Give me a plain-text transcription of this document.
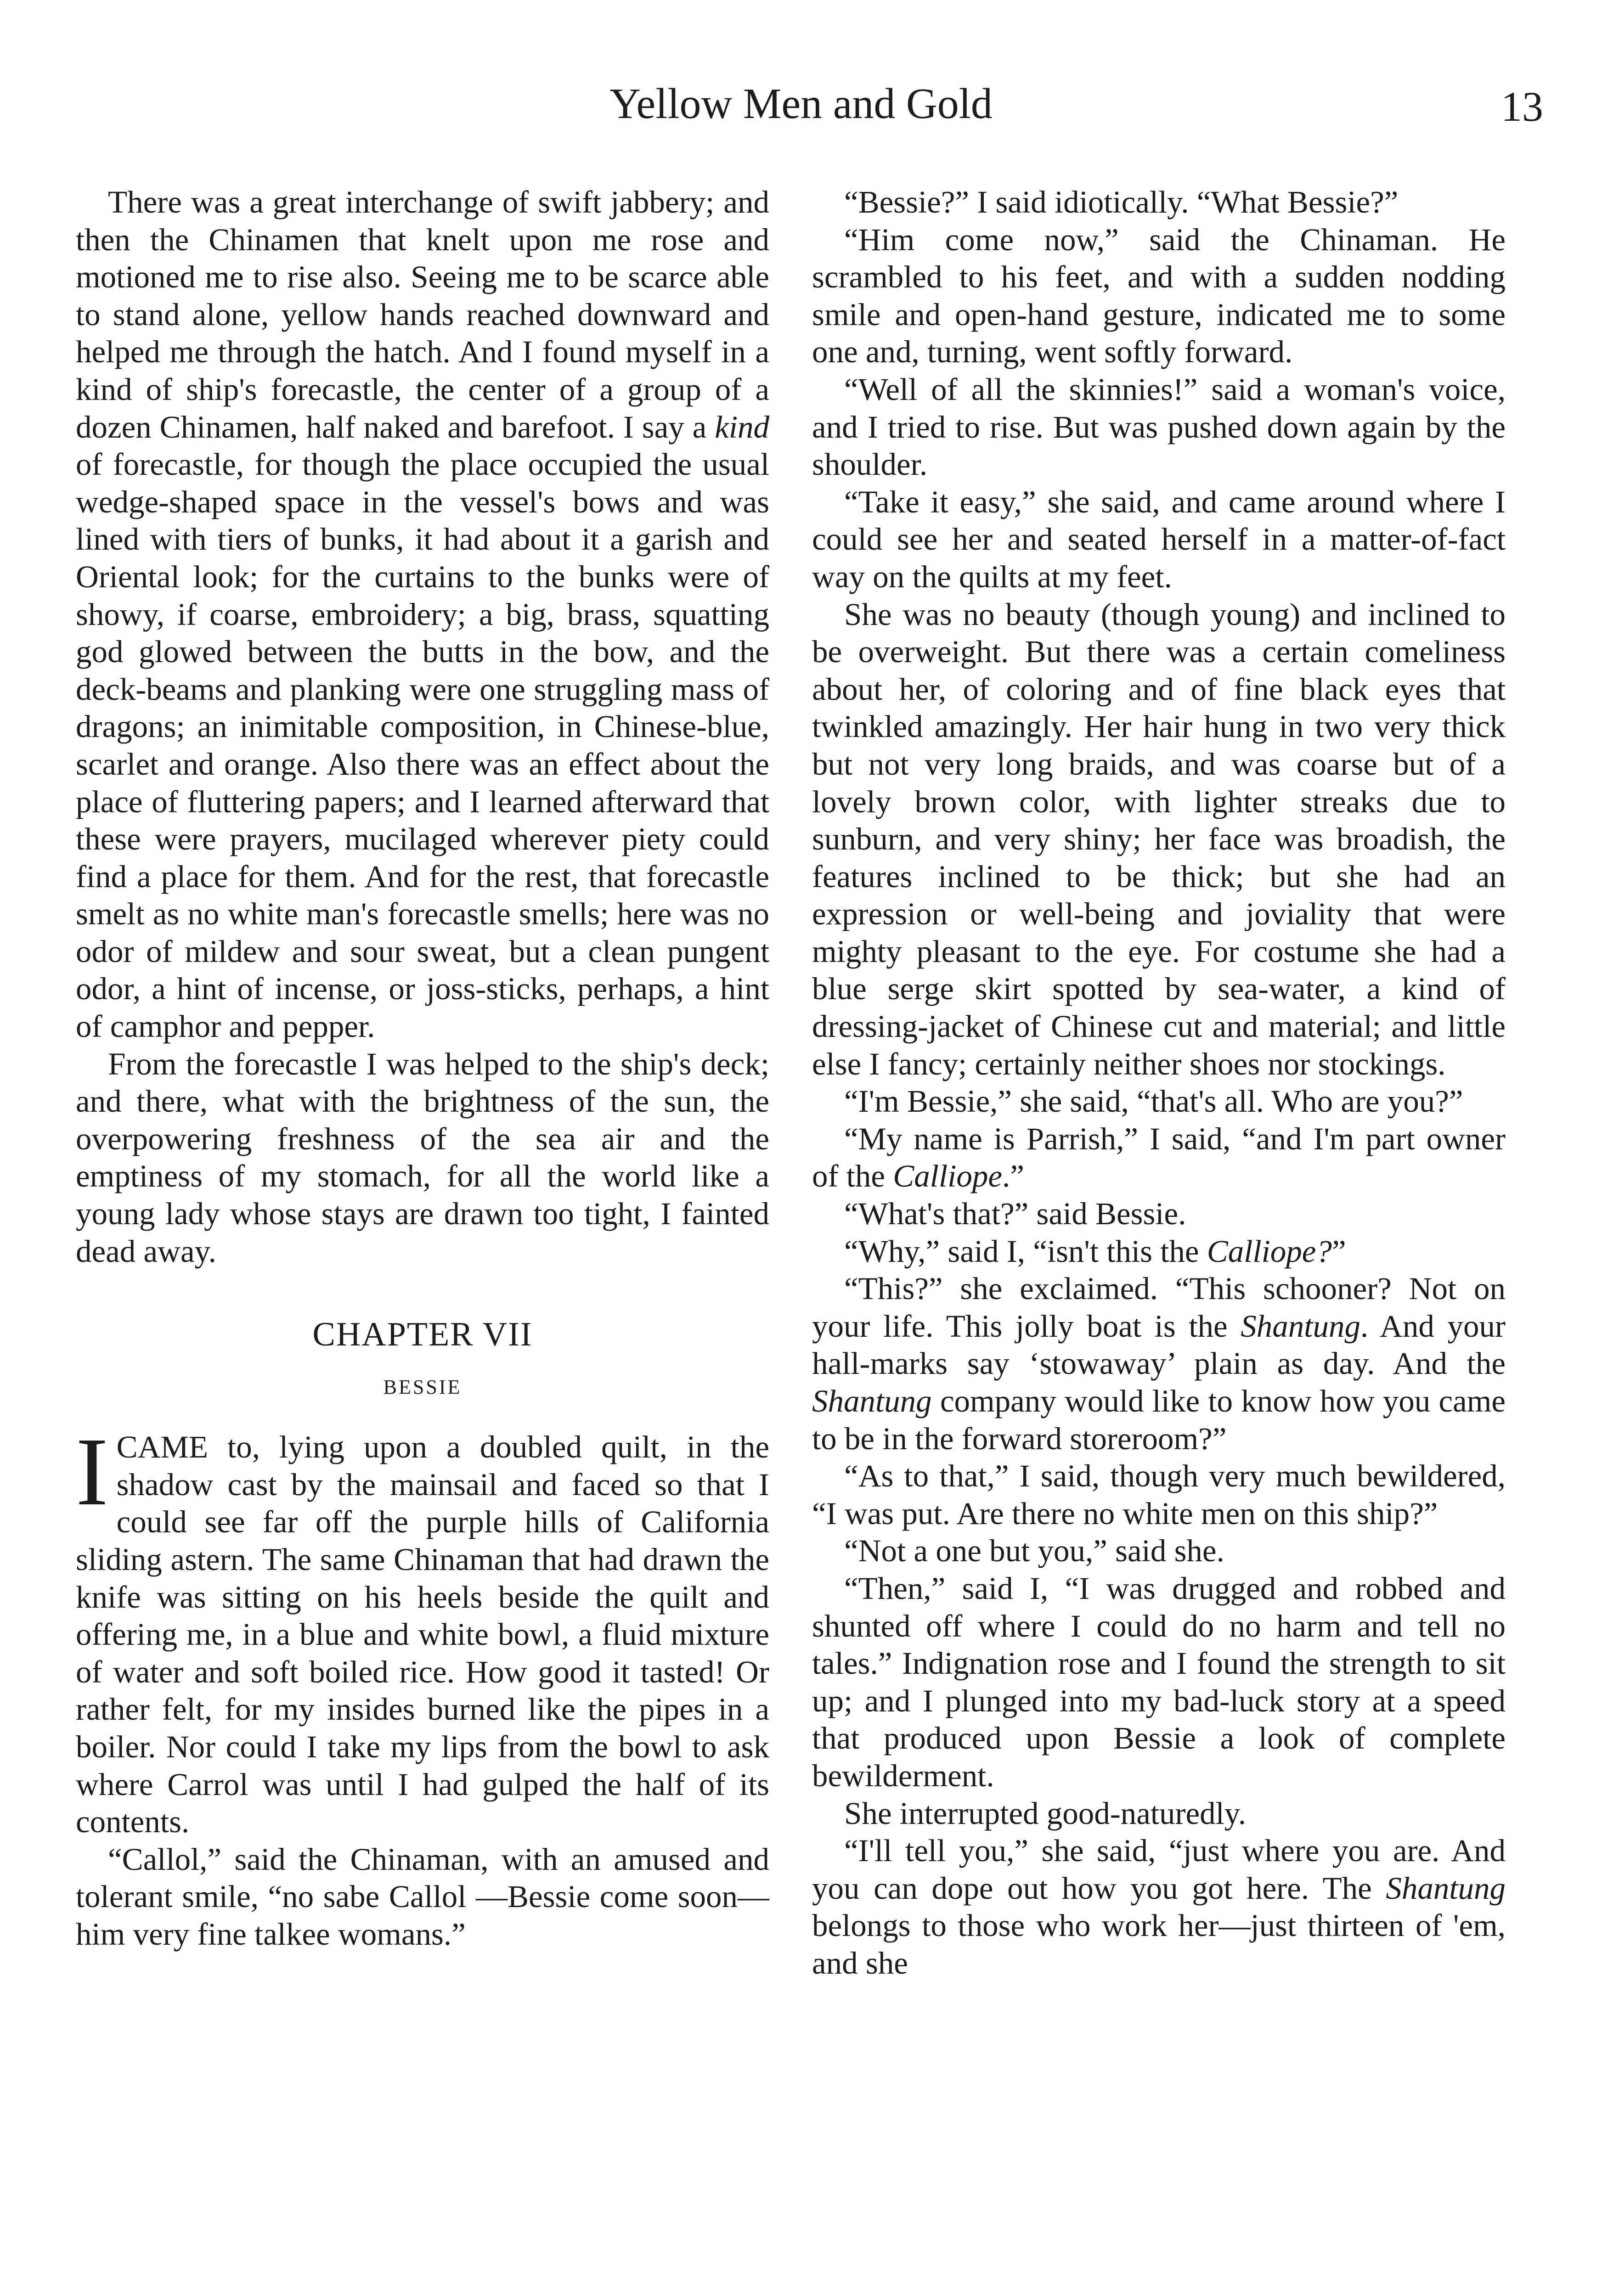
Yellow Men and Gold	13

There was a great interchange of swift jabbery; and then the Chinamen that knelt upon me rose and motioned me to rise also. Seeing me to be scarce able to stand alone, yellow hands reached downward and helped me through the hatch. And I found myself in a kind of ship's forecastle, the center of a group of a dozen Chinamen, half naked and barefoot. I say a kind of forecastle, for though the place occupied the usual wedge-shaped space in the vessel's bows and was lined with tiers of bunks, it had about it a garish and Oriental look; for the curtains to the bunks were of showy, if coarse, embroidery; a big, brass, squatting god glowed between the butts in the bow, and the deck-beams and planking were one struggling mass of dragons; an inimitable composition, in Chinese-blue, scarlet and orange. Also there was an effect about the place of fluttering papers; and I learned afterward that these were prayers, mucilaged wherever piety could find a place for them. And for the rest, that forecastle smelt as no white man's forecastle smells; here was no odor of mildew and sour sweat, but a clean pungent odor, a hint of incense, or joss-sticks, perhaps, a hint of camphor and pepper.

From the forecastle I was helped to the ship's deck; and there, what with the brightness of the sun, the overpowering freshness of the sea air and the emptiness of my stomach, for all the world like a young lady whose stays are drawn too tight, I fainted dead away.

CHAPTER VII
BESSIE

I CAME to, lying upon a doubled quilt, in the shadow cast by the mainsail and faced so that I could see far off the purple hills of California sliding astern. The same Chinaman that had drawn the knife was sitting on his heels beside the quilt and offering me, in a blue and white bowl, a fluid mixture of water and soft boiled rice. How good it tasted! Or rather felt, for my insides burned like the pipes in a boiler. Nor could I take my lips from the bowl to ask where Carrol was until I had gulped the half of its contents.

“Callol,” said the Chinaman, with an amused and tolerant smile, “no sabe Callol —Bessie come soon—him very fine talkee womans.”

“Bessie?” I said idiotically. “What Bessie?”

“Him come now,” said the Chinaman. He scrambled to his feet, and with a sudden nodding smile and open-hand gesture, indicated me to some one and, turning, went softly forward.

“Well of all the skinnies!” said a woman's voice, and I tried to rise. But was pushed down again by the shoulder.

“Take it easy,” she said, and came around where I could see her and seated herself in a matter-of-fact way on the quilts at my feet.

She was no beauty (though young) and inclined to be overweight. But there was a certain comeliness about her, of coloring and of fine black eyes that twinkled amazingly. Her hair hung in two very thick but not very long braids, and was coarse but of a lovely brown color, with lighter streaks due to sunburn, and very shiny; her face was broadish, the features inclined to be thick; but she had an expression or well-being and joviality that were mighty pleasant to the eye. For costume she had a blue serge skirt spotted by sea-water, a kind of dressing-jacket of Chinese cut and material; and little else I fancy; certainly neither shoes nor stockings.

“I'm Bessie,” she said, “that's all. Who are you?”

“My name is Parrish,” I said, “and I'm part owner of the Calliope.”

“What's that?” said Bessie.

“Why,” said I, “isn't this the Calliope?”

“This?” she exclaimed. “This schooner? Not on your life. This jolly boat is the Shantung. And your hall-marks say ‘stowaway’ plain as day. And the Shantung company would like to know how you came to be in the forward storeroom?”

“As to that,” I said, though very much bewildered, “I was put. Are there no white men on this ship?”

“Not a one but you,” said she.

“Then,” said I, “I was drugged and robbed and shunted off where I could do no harm and tell no tales.” Indignation rose and I found the strength to sit up; and I plunged into my bad-luck story at a speed that produced upon Bessie a look of complete bewilderment.

She interrupted good-naturedly.

“I'll tell you,” she said, “just where you are. And you can dope out how you got here. The Shantung belongs to those who work her—just thirteen of 'em, and she
